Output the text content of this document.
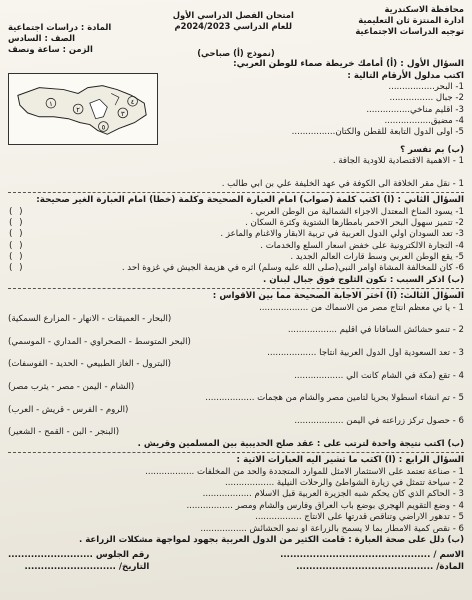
محافظة الاسكندرية
ادارة المنتزة ثان التعليمية
توجيه الدراسات الاجتماعية
امتحان الفصل الدراسي الأول
للعام الدراسي 2024/2023م
المادة : دراسات اجتماعية
الصف : السادس
الزمن : ساعة ونصف	(نموذج (أ) صباحي)
السؤال الأول : (أ) أمامك خريطة صماء للوطن العربي:
اكتب مدلول الأرقام التالية :
1- البحر.................
2- جبال ................
3- أقليم مناخي................
4- مضيق.................
5- أولى الدول التابعة للقطن والكتان................
١
٢	٣
٤
٥
(ب) بم تفسر ؟
1 - الاهمية الاقتصادية للاودية الجافة .

1 - نقل مقر الخلافة الى الكوفة في عهد الخليفة علي بن ابي طالب .
السؤال الثاني : (أ) اكتب كلمة (صواب) امام العبارة الصحيحة وكلمة (خطأ) امام العبارة الغير صحيحة:
1- يسود المناخ المعتدل الاجزاء الشمالية من الوطن العربي .
( )
2- تتميز سهول البحر الاحمر بأمطارها الشتوية وكثرة السكان .
( )
3- تعد السودان أولي الدول العربية في تربية الابقار والاغنام والماعز .
( )
4- التجارة الالكترونية على خفض اسعار السلع والخدمات .
( )
5- يقع الوطن العربي وسط قارات العالم الجديد .
( )
6- كان للمخالفة المشاة أوامر النبي(صلى الله عليه وسلم) أثره في هزيمة الجيش في غزوة أحد .
( )
(ب) اذكر السبب : تكون الثلوج فوق جبال لبنان .
السؤال الثالث: (أ) اختر الاجابة الصحيحة مما بين الأقواس :
1 - يا تي معظم انتاج مصر من الاسماك من ..................
(البحار - العميقات - الانهار - المزارع السمكية)
2 - تنمو حشائش السافانا في اقليم ..................
(البحر المتوسط - الصحراوي - المداري - الموسمي)
3 - تعد السعودية أول الدول العربية انتاجا ..................
(البترول - الغاز الطبيعي - الحديد - الفوسفات)
4 - تقع (مكة في الشام كانت الي ..................
(الشام - اليمن - مصر - يثرب مصر)
5 - تم انشاء أسطولا بحريا لتأمين مصر والشام من هجمات ..................
(الروم - الفرس - قريش - العرب)
6 - حصول تركز زراعته في اليمن ..................
(البنجر - البن - القمح - الشعير)
(ب) اكتب نتيجة واحدة لترتب على : عقد صلح الحديبية بين المسلمين وقريش .
السؤال الرابع : (أ) اكتب ما تشير اليه العبارات الاتية :
1 - صناعة تعتمد على الاستثمار الامثل للموارد المتجددة والحد من المخلفات ..................
2 - سياحة تتمثل في زيارة الشواطئ والرحلات النيلية ..................
3 - الحاكم الذي كان يحكم شبه الجزيرة العربية قبل الاسلام ..................
4 - وضع التقويم الهجري بوضع باب العراق وفارس والشام ومصر .................
5 - تدهور الاراضي وتناقص قدرتها على الانتاج .................
6 - نقص كمية الامطار بما لا يسمح بالزراعة او نمو الحشائش .................
(ب) دلل على صحة العبارة : قامت الكثير من الدول العربية بجهود لمواجهة مشكلات الزراعة .
الاسم / ..............................................
المادة/ ..........................................
رقم الجلوس ..........................
التاريخ/ ............................
